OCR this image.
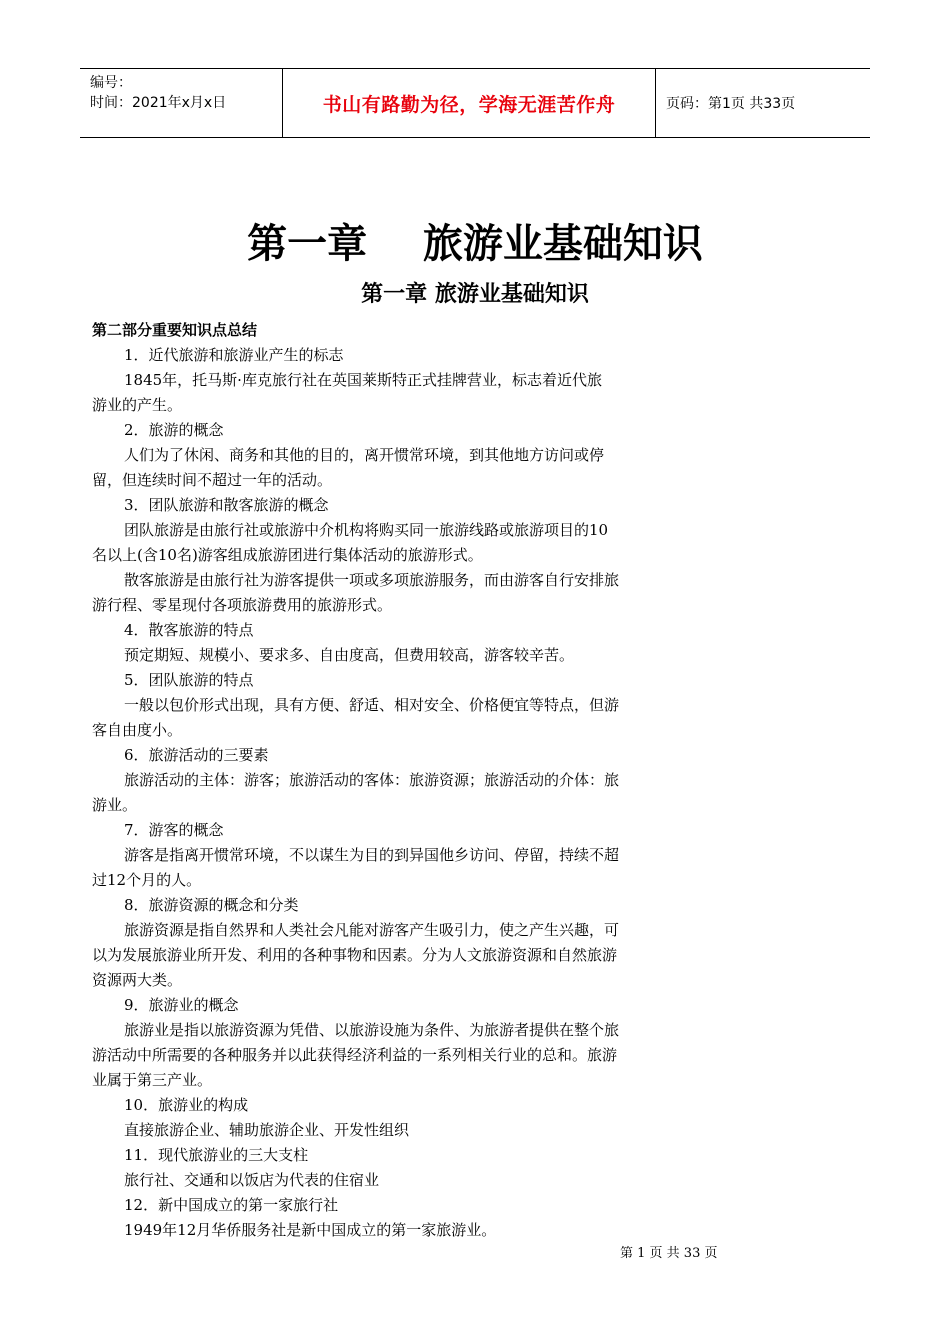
编号：
时间：2021年x月x日	书山有路勤为径，学海无涯苦作舟	页码：第1页 共33页
第一章    旅游业基础知识
第一章 旅游业基础知识
第二部分重要知识点总结

1．近代旅游和旅游业产生的标志

1845年，托马斯·库克旅行社在英国莱斯特正式挂牌营业，标志着近代旅

游业的产生。

2．旅游的概念

人们为了休闲、商务和其他的目的，离开惯常环境，到其他地方访问或停

留，但连续时间不超过一年的活动。

3．团队旅游和散客旅游的概念

团队旅游是由旅行社或旅游中介机构将购买同一旅游线路或旅游项目的10

名以上(含10名)游客组成旅游团进行集体活动的旅游形式。

散客旅游是由旅行社为游客提供一项或多项旅游服务，而由游客自行安排旅

游行程、零星现付各项旅游费用的旅游形式。

4．散客旅游的特点

预定期短、规模小、要求多、自由度高，但费用较高，游客较辛苦。

5．团队旅游的特点

一般以包价形式出现，具有方便、舒适、相对安全、价格便宜等特点，但游

客自由度小。

6．旅游活动的三要素

旅游活动的主体：游客；旅游活动的客体：旅游资源；旅游活动的介体：旅

游业。

7．游客的概念

游客是指离开惯常环境，不以谋生为目的到异国他乡访问、停留，持续不超

过12个月的人。

8．旅游资源的概念和分类

旅游资源是指自然界和人类社会凡能对游客产生吸引力，使之产生兴趣，可

以为发展旅游业所开发、利用的各种事物和因素。分为人文旅游资源和自然旅游

资源两大类。

9．旅游业的概念

旅游业是指以旅游资源为凭借、以旅游设施为条件、为旅游者提供在整个旅

游活动中所需要的各种服务并以此获得经济利益的一系列相关行业的总和。旅游

业属于第三产业。

10．旅游业的构成

直接旅游企业、辅助旅游企业、开发性组织

11．现代旅游业的三大支柱

旅行社、交通和以饭店为代表的住宿业

12．新中国成立的第一家旅行社

1949年12月华侨服务社是新中国成立的第一家旅游业。

第 1 页 共 33 页
